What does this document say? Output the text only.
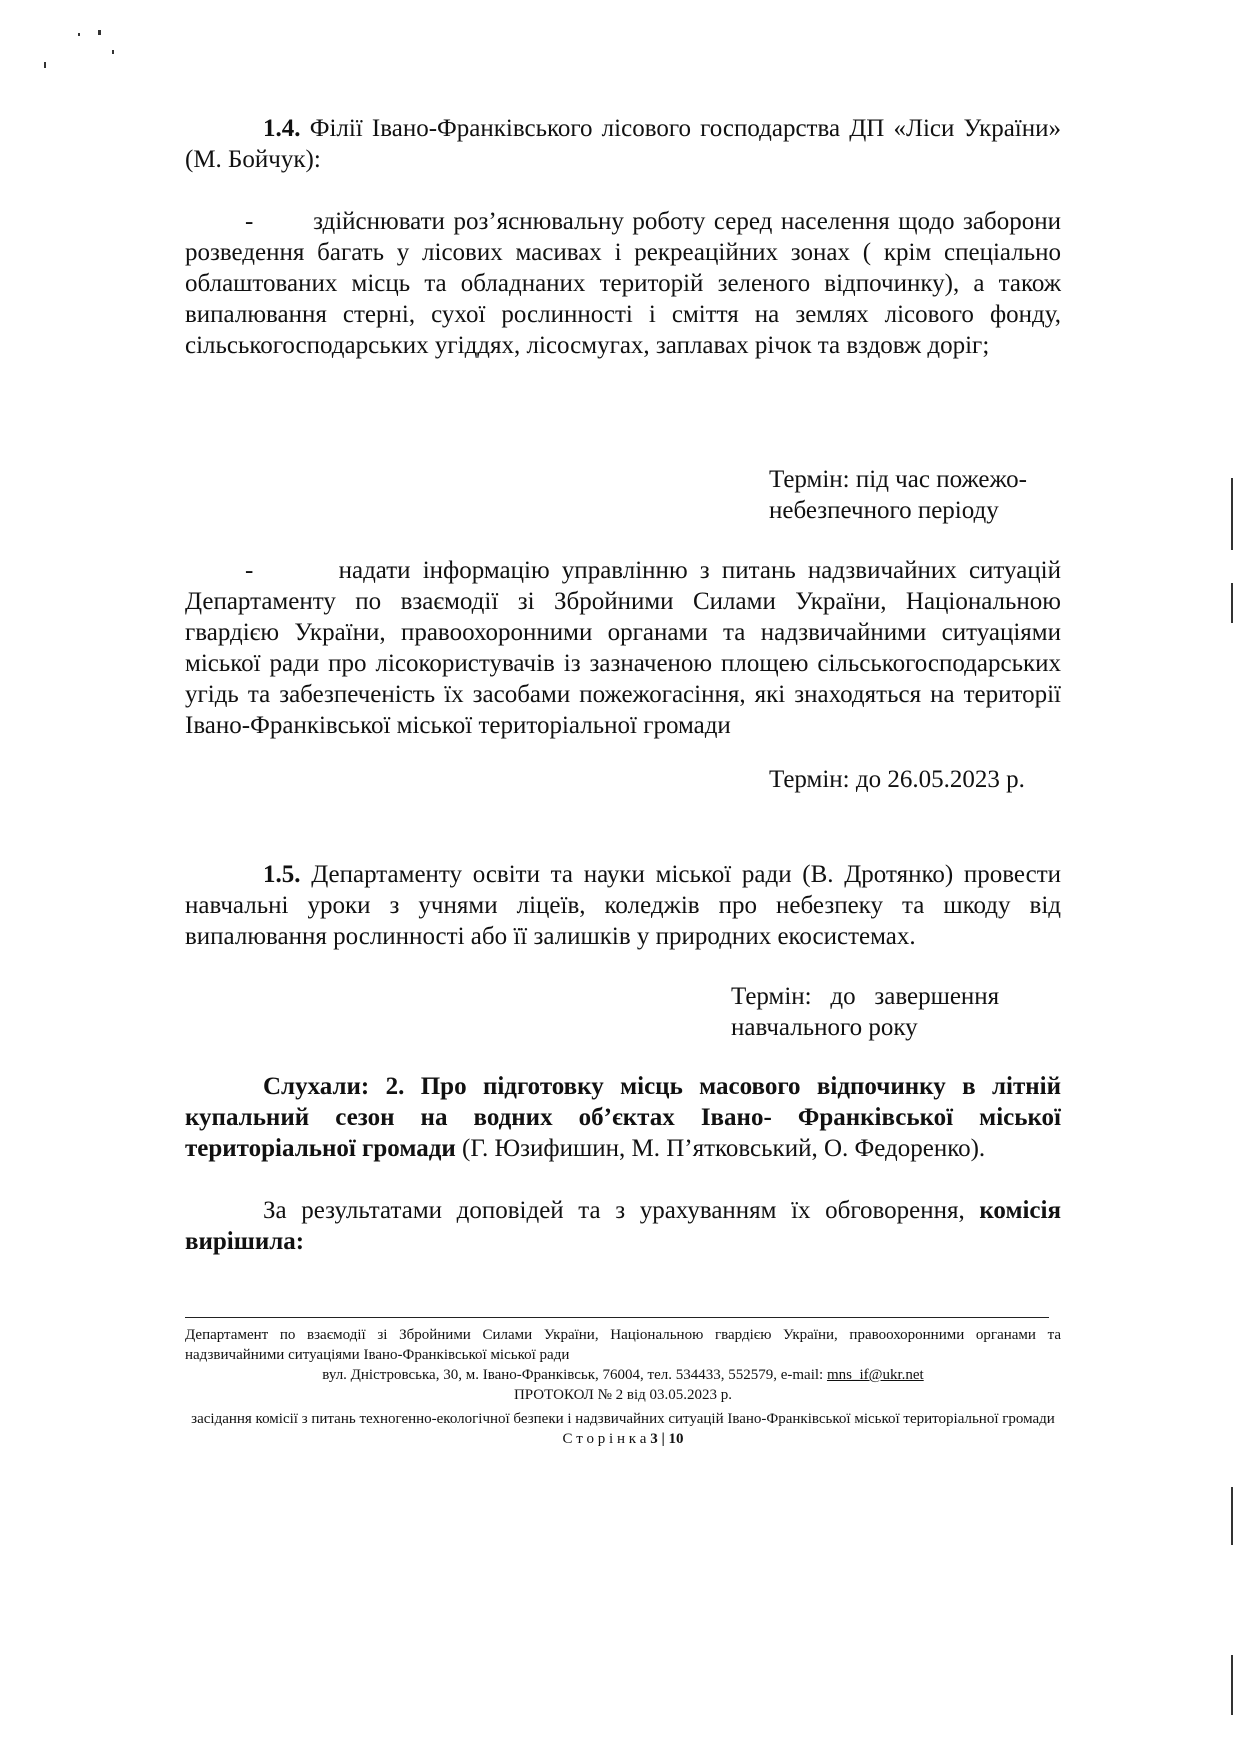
1.4. Філії Івано-Франківського лісового господарства ДП «Ліси України» (М. Бойчук):
-       здійснювати роз’яснювальну роботу серед населення щодо заборони розведення багать у лісових масивах і рекреаційних зонах ( крім спеціально облаштованих місць та обладнаних територій зеленого відпочинку), а також випалювання стерні, сухої рослинності і сміття на землях лісового фонду, сільськогосподарських угіддях, лісосмугах, заплавах річок та вздовж доріг;
Термін: під час пожежо-
небезпечного періоду
-       надати інформацію управлінню з питань надзвичайних ситуацій Департаменту по взаємодії зі Збройними Силами України, Національною гвардією України, правоохоронними органами та надзвичайними ситуаціями міської ради про лісокористувачів із зазначеною площею сільськогосподарських угідь та забезпеченість їх засобами пожежогасіння, які знаходяться на території Івано-Франківської міської територіальної громади
Термін: до 26.05.2023 р.
1.5. Департаменту освіти та науки міської ради (В. Дротянко) провести навчальні уроки з учнями ліцеїв, коледжів про небезпеку та шкоду від випалювання рослинності або її залишків у природних екосистемах.
Термін:   до   завершення
навчального року
Слухали: 2. Про підготовку місць масового відпочинку в літній купальний сезон на водних об’єктах Івано- Франківської міської територіальної громади (Г. Юзифишин, М. П’ятковський, О. Федоренко).
За результатами доповідей та з урахуванням їх обговорення, комісія вирішила:
Департамент по взаємодії зі Збройними Силами України, Національною гвардією України, правоохоронними органами та надзвичайними ситуаціями Івано-Франківської міської ради
вул. Дністровська, 30, м. Івано-Франківськ, 76004, тел. 534433, 552579, e-mail: mns_if@ukr.net
ПРОТОКОЛ № 2 від 03.05.2023 р.
засідання комісії з питань техногенно-екологічної безпеки і надзвичайних ситуацій Івано-Франківської міської територіальної громади
С т о р і н к а 3 | 10
